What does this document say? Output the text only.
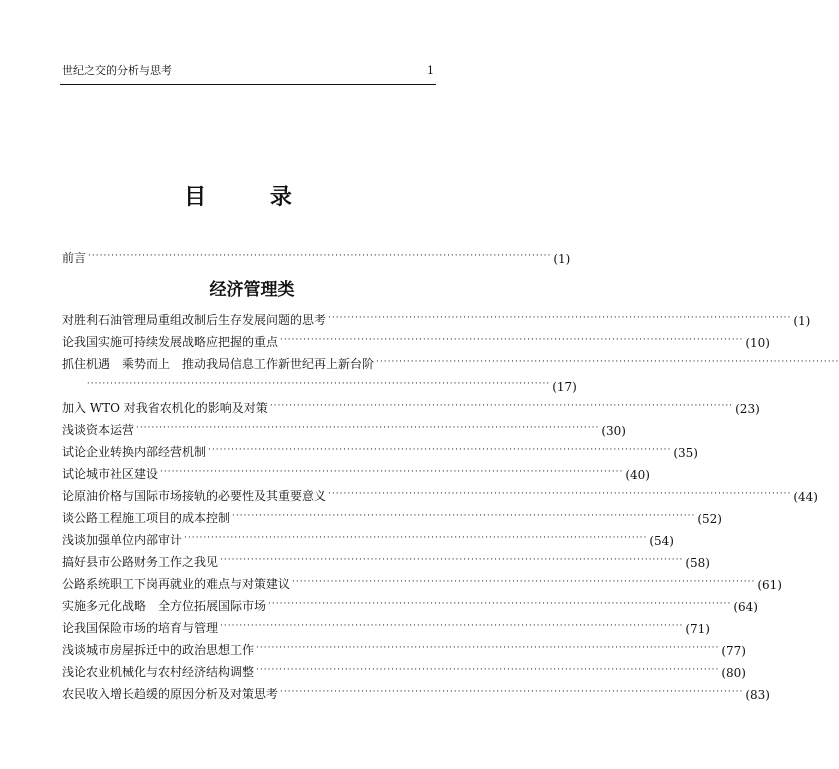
世纪之交的分析与思考	1
目 录
前言 ························································································································ (1)
经济管理类
对胜利石油管理局重组改制后生存发展问题的思考 ························································································································ (1)
论我国实施可持续发展战略应把握的重点 ························································································································ (10)
抓住机遇　乘势而上　推动我局信息工作新世纪再上新台阶 ························································································································

························································································································ (17)
加入 WTO 对我省农机化的影响及对策 ························································································································ (23)
浅谈资本运营 ························································································································ (30)
试论企业转换内部经营机制 ························································································································ (35)
试论城市社区建设 ························································································································ (40)
论原油价格与国际市场接轨的必要性及其重要意义 ························································································································ (44)
谈公路工程施工项目的成本控制 ························································································································ (52)
浅谈加强单位内部审计 ························································································································ (54)
搞好县市公路财务工作之我见 ························································································································ (58)
公路系统职工下岗再就业的难点与对策建议 ························································································································ (61)
实施多元化战略　全方位拓展国际市场 ························································································································ (64)
论我国保险市场的培育与管理 ························································································································ (71)
浅谈城市房屋拆迁中的政治思想工作 ························································································································ (77)
浅论农业机械化与农村经济结构调整 ························································································································ (80)
农民收入增长趋缓的原因分析及对策思考 ························································································································ (83)
